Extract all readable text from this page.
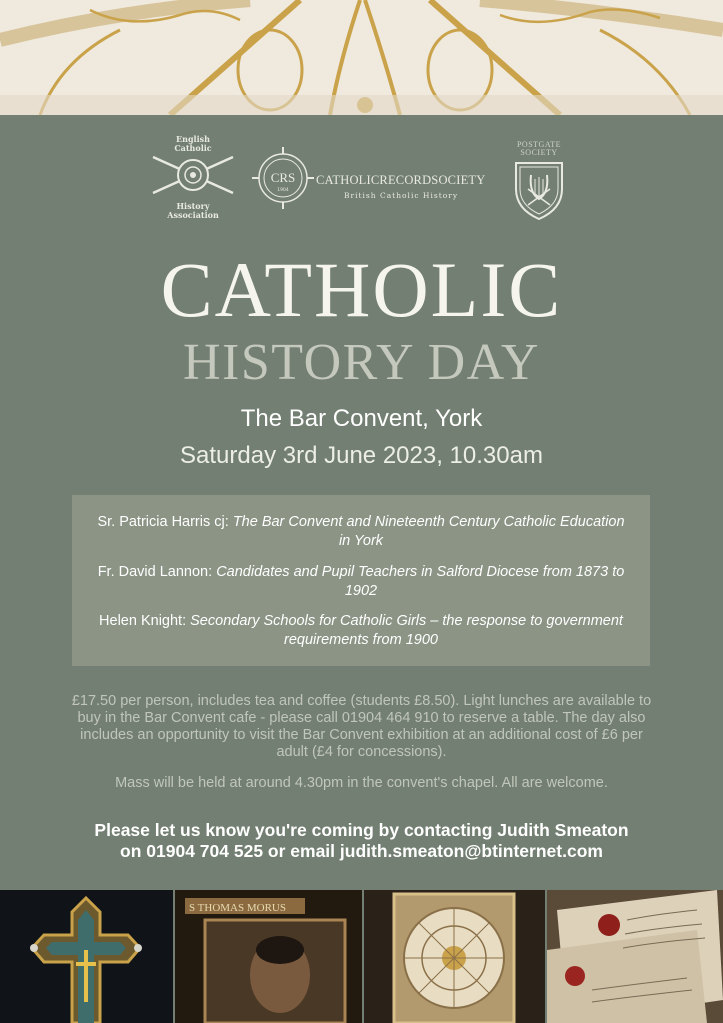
English
Catholic
History
Association
CRS
1904
CATHOLICRECORDSOCIETY
British Catholic History
POSTGATE
SOCIETY
CATHOLIC
HISTORY DAY
The Bar Convent, York
Saturday 3rd June 2023, 10.30am
Sr. Patricia Harris cj: The Bar Convent and Nineteenth Century Catholic Education in York
Fr. David Lannon: Candidates and Pupil Teachers in Salford Diocese from 1873 to 1902
Helen Knight: Secondary Schools for Catholic Girls – the response to government requirements from 1900
£17.50 per person, includes tea and coffee (students £8.50). Light lunches are available to buy in the Bar Convent cafe - please call 01904 464 910 to reserve a table. The day also includes an opportunity to visit the Bar Convent exhibition at an additional cost of £6 per adult (£4 for concessions).
Mass will be held at around 4.30pm in the convent's chapel. All are welcome.
Please let us know you're coming by contacting Judith Smeaton
on 01904 704 525 or email judith.smeaton@btinternet.com
S THOMAS MORUS
